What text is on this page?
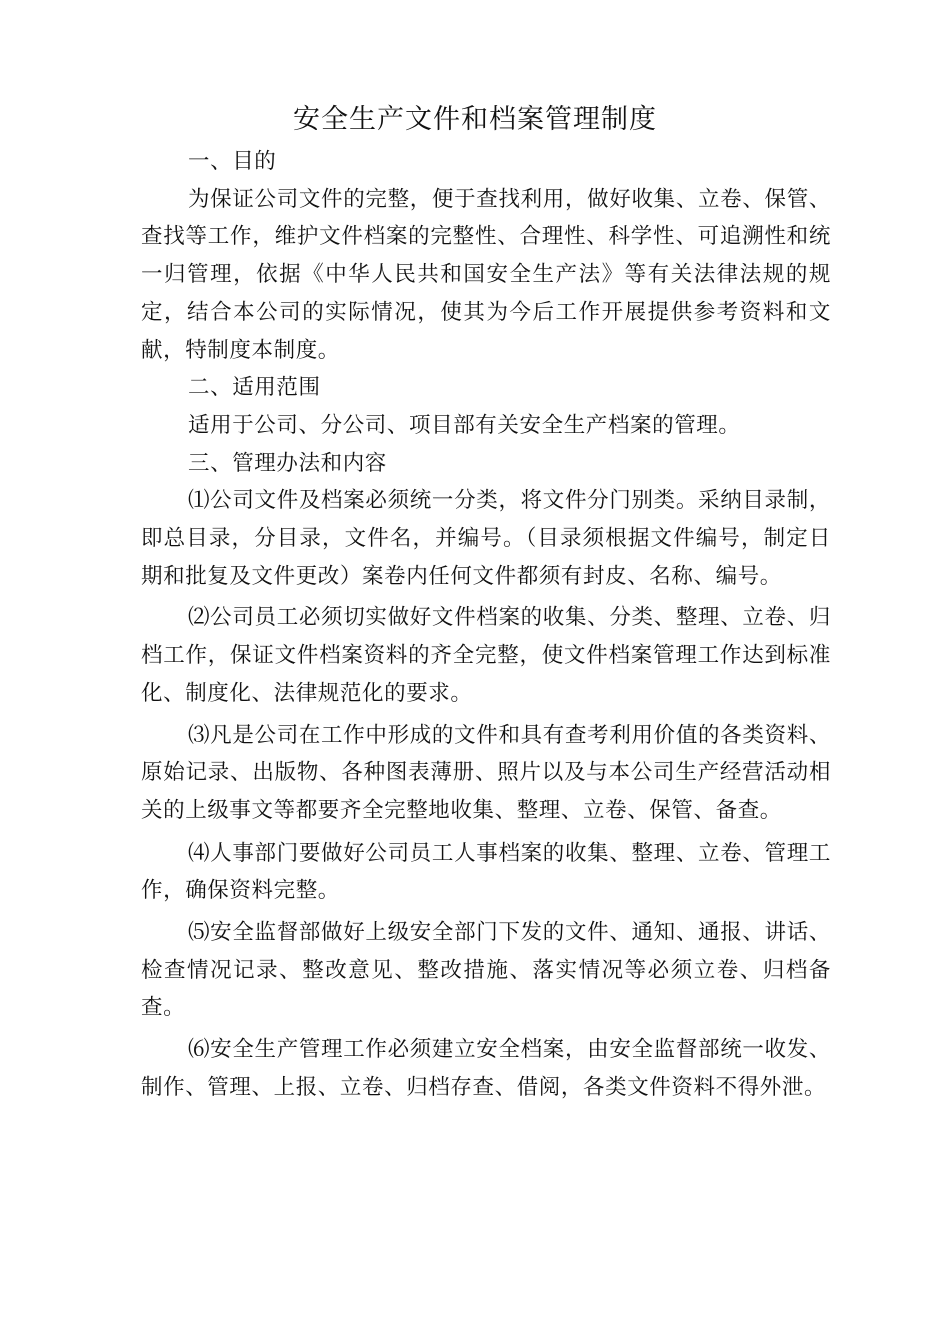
安全生产文件和档案管理制度

一、目的

为保证公司文件的完整，便于查找利用，做好收集、立卷、保管、查找等工作，维护文件档案的完整性、合理性、科学性、可追溯性和统一归管理，依据《中华人民共和国安全生产法》等有关法律法规的规定，结合本公司的实际情况，使其为今后工作开展提供参考资料和文献，特制度本制度。

二、适用范围

适用于公司、分公司、项目部有关安全生产档案的管理。

三、管理办法和内容

⑴公司文件及档案必须统一分类，将文件分门别类。采纳目录制，即总目录，分目录，文件名，并编号。（目录须根据文件编号，制定日期和批复及文件更改）案卷内任何文件都须有封皮、名称、编号。

⑵公司员工必须切实做好文件档案的收集、分类、整理、立卷、归档工作，保证文件档案资料的齐全完整，使文件档案管理工作达到标准化、制度化、法律规范化的要求。

⑶凡是公司在工作中形成的文件和具有查考利用价值的各类资料、原始记录、出版物、各种图表薄册、照片以及与本公司生产经营活动相关的上级事文等都要齐全完整地收集、整理、立卷、保管、备查。

⑷人事部门要做好公司员工人事档案的收集、整理、立卷、管理工作，确保资料完整。

⑸安全监督部做好上级安全部门下发的文件、通知、通报、讲话、检查情况记录、整改意见、整改措施、落实情况等必须立卷、归档备查。

⑹安全生产管理工作必须建立安全档案，由安全监督部统一收发、制作、管理、上报、立卷、归档存查、借阅，各类文件资料不得外泄。
